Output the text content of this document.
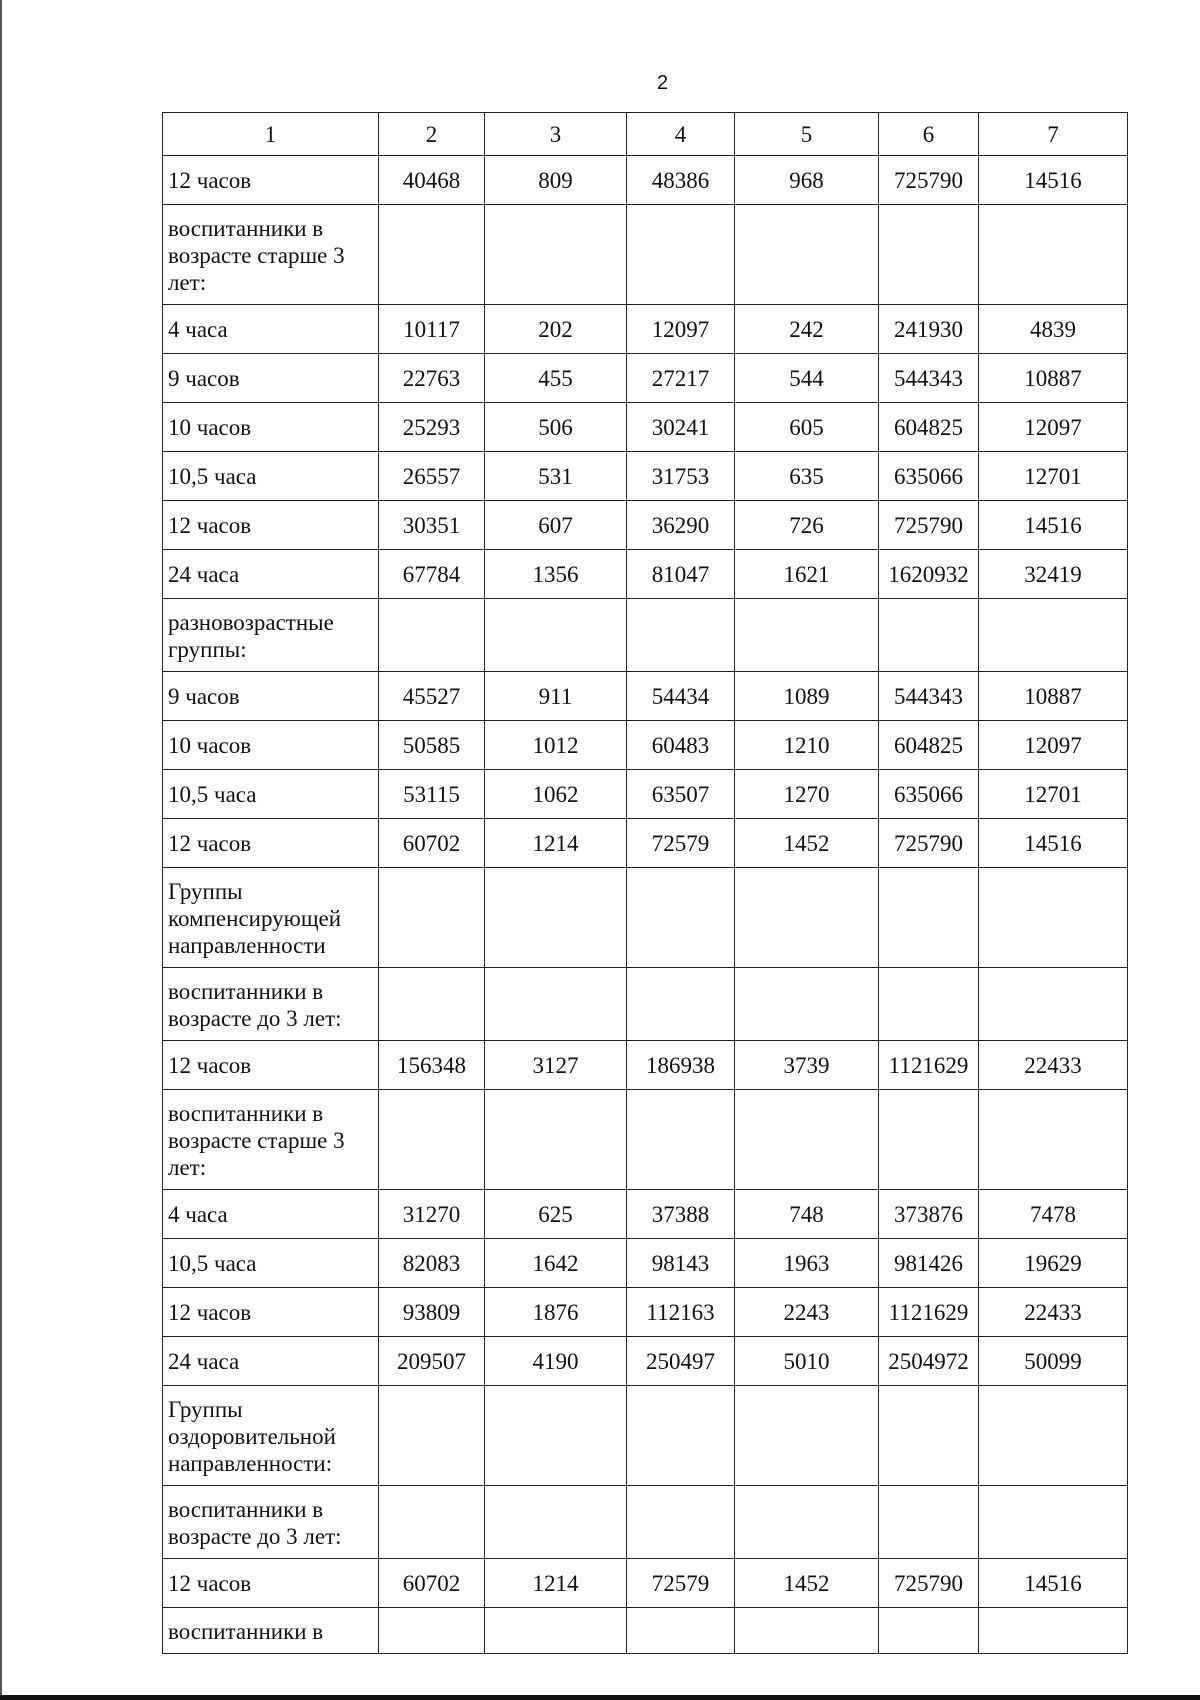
2
1	2	3	4	5	6	7
12 часов	40468	809	48386	968	725790	14516
воспитанники в возрасте старше 3 лет:						
4 часа	10117	202	12097	242	241930	4839
9 часов	22763	455	27217	544	544343	10887
10 часов	25293	506	30241	605	604825	12097
10,5 часа	26557	531	31753	635	635066	12701
12 часов	30351	607	36290	726	725790	14516
24 часа	67784	1356	81047	1621	1620932	32419
разновозрастные группы:						
9 часов	45527	911	54434	1089	544343	10887
10 часов	50585	1012	60483	1210	604825	12097
10,5 часа	53115	1062	63507	1270	635066	12701
12 часов	60702	1214	72579	1452	725790	14516
Группы компенсирующей направленности						
воспитанники в возрасте до 3 лет:						
12 часов	156348	3127	186938	3739	1121629	22433
воспитанники в возрасте старше 3 лет:						
4 часа	31270	625	37388	748	373876	7478
10,5 часа	82083	1642	98143	1963	981426	19629
12 часов	93809	1876	112163	2243	1121629	22433
24 часа	209507	4190	250497	5010	2504972	50099
Группы оздоровительной направленности:						
воспитанники в возрасте до 3 лет:						
12 часов	60702	1214	72579	1452	725790	14516
воспитанники в						
